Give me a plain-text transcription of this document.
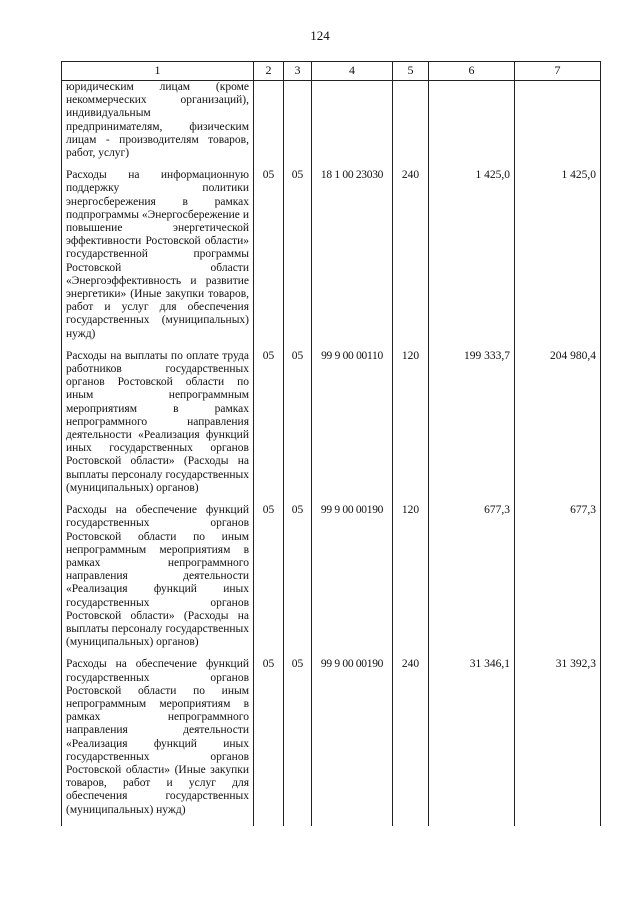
124
1	2	3	4	5	6	7
юридическим лицам (кроме некоммерческих организаций), индивидуальным предпринимателям, физическим лицам - производителям товаров, работ, услуг)						
Расходы на информационную поддержку политики энергосбережения в рамках подпрограммы «Энергосбережение и повышение энергетической эффективности Ростовской области» государственной программы Ростовской области «Энергоэффективность и развитие энергетики» (Иные закупки товаров, работ и услуг для обеспечения государственных (муниципальных) нужд)	05	05	18 1 00 23030	240	1 425,0	1 425,0
Расходы на выплаты по оплате труда работников государственных органов Ростовской области по иным непрограммным мероприятиям в рамках непрограммного направления деятельности «Реализация функций иных государственных органов Ростовской области» (Расходы на выплаты персоналу государственных (муниципальных) органов)	05	05	99 9 00 00110	120	199 333,7	204 980,4
Расходы на обеспечение функций государственных органов Ростовской области по иным непрограммным мероприятиям в рамках непрограммного направления деятельности «Реализация функций иных государственных органов Ростовской области» (Расходы на выплаты персоналу государственных (муниципальных) органов)	05	05	99 9 00 00190	120	677,3	677,3
Расходы на обеспечение функций государственных органов Ростовской области по иным непрограммным мероприятиям в рамках непрограммного направления деятельности «Реализация функций иных государственных органов Ростовской области» (Иные закупки товаров, работ и услуг для обеспечения государственных (муниципальных) нужд)	05	05	99 9 00 00190	240	31 346,1	31 392,3
